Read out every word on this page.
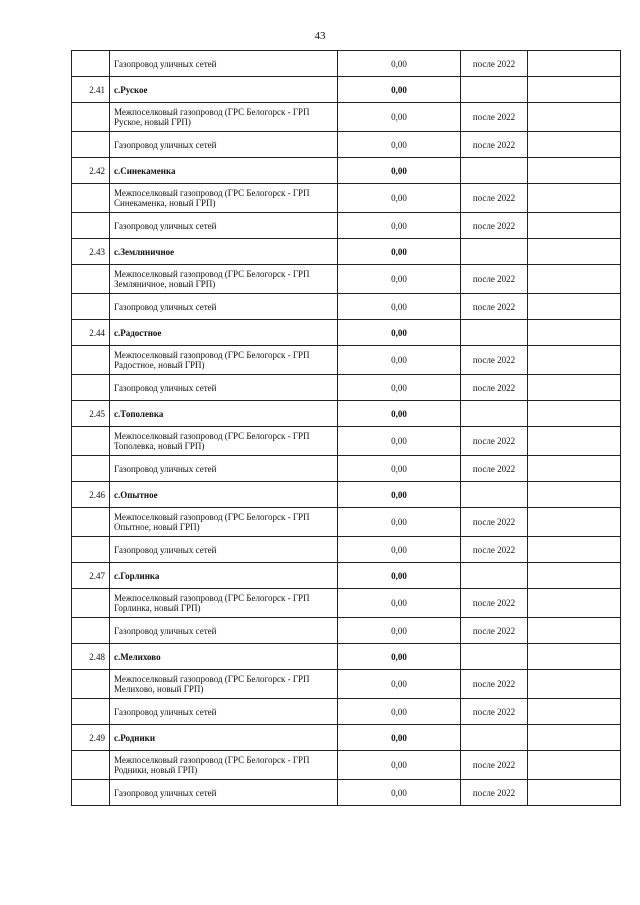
43
	Газопровод уличных сетей	0,00	после 2022	
2.41	с.Руское	0,00		
	Межпоселковый газопровод (ГРС Белогорск - ГРП Руское, новый ГРП)	0,00	после 2022	
	Газопровод уличных сетей	0,00	после 2022	
2.42	с.Синекаменка	0,00		
	Межпоселковый газопровод (ГРС Белогорск - ГРП Синекаменка, новый ГРП)	0,00	после 2022	
	Газопровод уличных сетей	0,00	после 2022	
2.43	с.Земляничное	0,00		
	Межпоселковый газопровод (ГРС Белогорск - ГРП Земляничное, новый ГРП)	0,00	после 2022	
	Газопровод уличных сетей	0,00	после 2022	
2.44	с.Радостное	0,00		
	Межпоселковый газопровод (ГРС Белогорск - ГРП Радостное, новый ГРП)	0,00	после 2022	
	Газопровод уличных сетей	0,00	после 2022	
2.45	с.Тополевка	0,00		
	Межпоселковый газопровод (ГРС Белогорск - ГРП Тополевка, новый ГРП)	0,00	после 2022	
	Газопровод уличных сетей	0,00	после 2022	
2.46	с.Опытное	0,00		
	Межпоселковый газопровод (ГРС Белогорск - ГРП Опытное, новый ГРП)	0,00	после 2022	
	Газопровод уличных сетей	0,00	после 2022	
2.47	с.Горлинка	0,00		
	Межпоселковый газопровод (ГРС Белогорск - ГРП Горлинка, новый ГРП)	0,00	после 2022	
	Газопровод уличных сетей	0,00	после 2022	
2.48	с.Мелихово	0,00		
	Межпоселковый газопровод (ГРС Белогорск - ГРП Мелихово, новый ГРП)	0,00	после 2022	
	Газопровод уличных сетей	0,00	после 2022	
2.49	с.Родники	0,00		
	Межпоселковый газопровод (ГРС Белогорск - ГРП Родники, новый ГРП)	0,00	после 2022	
	Газопровод уличных сетей	0,00	после 2022	
